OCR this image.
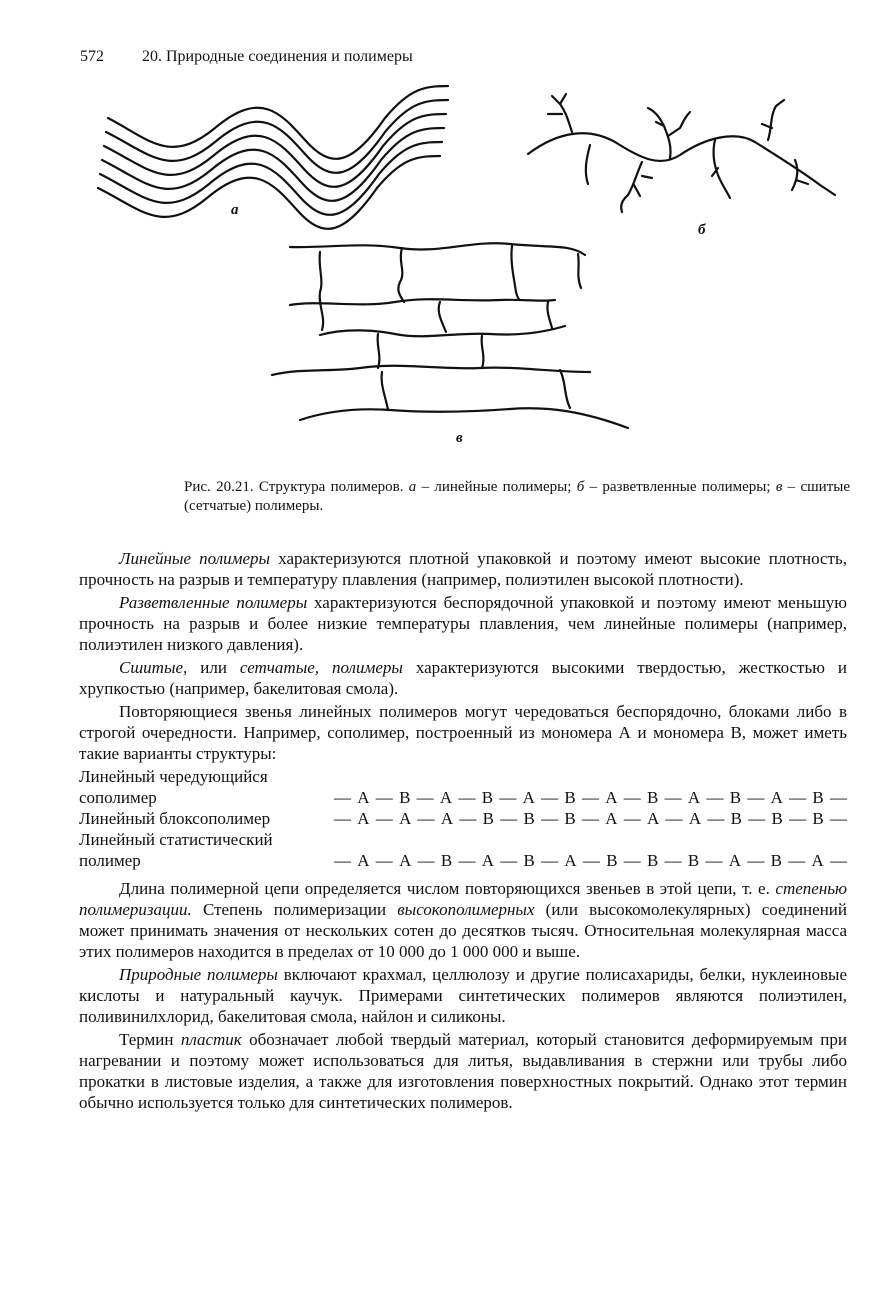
572 20. Природные соединения и полимеры
а
б
в
Рис. 20.21. Структура полимеров. а – линейные полимеры; б – разветвленные полимеры; в – сшитые (сетчатые) полимеры.

Линейные полимеры характеризуются плотной упаковкой и поэтому имеют высокие плотность, прочность на разрыв и температуру плавления (например, полиэтилен высокой плотности).

Разветвленные полимеры характеризуются беспорядочной упаковкой и поэтому имеют меньшую прочность на разрыв и более низкие температуры плавления, чем линейные полимеры (например, полиэтилен низкого давления).

Сшитые, или сетчатые, полимеры характеризуются высокими твердостью, жесткостью и хрупкостью (например, бакелитовая смола).

Повторяющиеся звенья линейных полимеров могут чередоваться беспорядочно, блоками либо в строгой очередности. Например, сополимер, построенный из мономера А и мономера В, может иметь такие варианты структуры:

Линейный чередующийся
сополимер
Линейный блоксополимер
Линейный статистический
полимер
— А — В — А — В — А — В — А — В — А — В — А — В —
— А — А — А — В — В — В — А — А — А — В — В — В —
— А — А — В — А — В — А — В — В — В — А — В — А —

Длина полимерной цепи определяется числом повторяющихся звеньев в этой цепи, т. е. степенью полимеризации. Степень полимеризации высокополимерных (или высокомолекулярных) соединений может принимать значения от нескольких сотен до десятков тысяч. Относительная молекулярная масса этих полимеров находится в пределах от 10 000 до 1 000 000 и выше.

Природные полимеры включают крахмал, целлюлозу и другие полисахариды, белки, нуклеиновые кислоты и натуральный каучук. Примерами синтетических полимеров являются полиэтилен, поливинилхлорид, бакелитовая смола, найлон и силиконы.

Термин пластик обозначает любой твердый материал, который становится деформируемым при нагревании и поэтому может использоваться для литья, выдавливания в стержни или трубы либо прокатки в листовые изделия, а также для изготовления поверхностных покрытий. Однако этот термин обычно используется только для синтетических полимеров.
